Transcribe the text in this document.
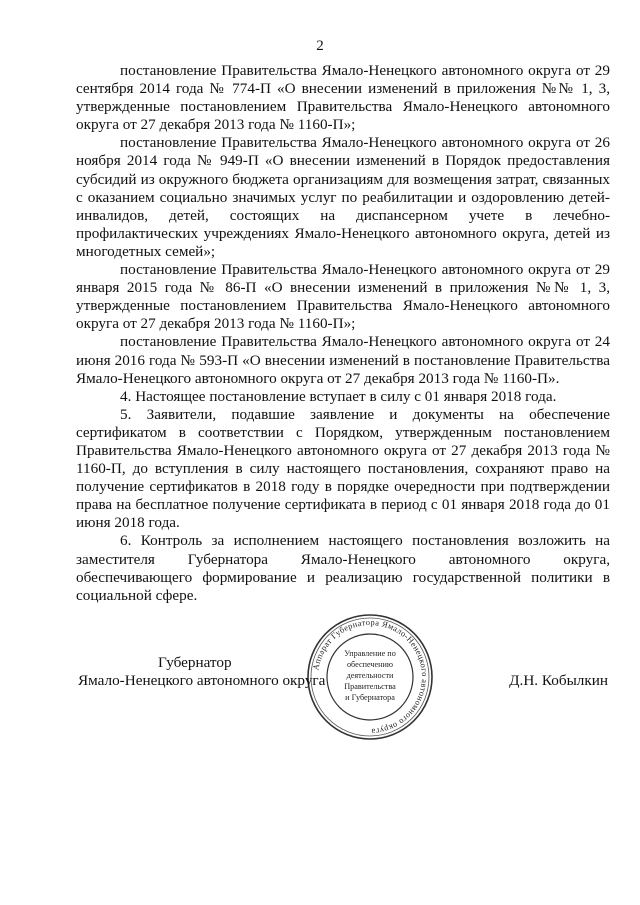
2

постановление Правительства Ямало-Ненецкого автономного округа от 29 сентября 2014 года № 774-П «О внесении изменений в приложения №№ 1, 3, утвержденные постановлением Правительства Ямало-Ненецкого автономного округа от 27 декабря 2013 года № 1160-П»;

постановление Правительства Ямало-Ненецкого автономного округа от 26 ноября 2014 года № 949-П «О внесении изменений в Порядок предоставления субсидий из окружного бюджета организациям для возмещения затрат, связанных с оказанием социально значимых услуг по реабилитации и оздоровлению детей-инвалидов, детей, состоящих на диспансерном учете в лечебно-профилактических учреждениях Ямало-Ненецкого автономного округа, детей из многодетных семей»;

постановление Правительства Ямало-Ненецкого автономного округа от 29 января 2015 года № 86-П «О внесении изменений в приложения №№ 1, 3, утвержденные постановлением Правительства Ямало-Ненецкого автономного округа от 27 декабря 2013 года № 1160-П»;

постановление Правительства Ямало-Ненецкого автономного округа от 24 июня 2016 года № 593-П «О внесении изменений в постановление Правительства Ямало-Ненецкого автономного округа от 27 декабря 2013 года № 1160-П».

4. Настоящее постановление вступает в силу с 01 января 2018 года.

5. Заявители, подавшие заявление и документы на обеспечение сертификатом в соответствии с Порядком, утвержденным постановлением Правительства Ямало-Ненецкого автономного округа от 27 декабря 2013 года № 1160-П, до вступления в силу настоящего постановления, сохраняют право на получение сертификатов в 2018 году в порядке очередности при подтверждении права на бесплатное получение сертификата в период с 01 января 2018 года до 01 июня 2018 года.

6. Контроль за исполнением настоящего постановления возложить на заместителя Губернатора Ямало-Ненецкого автономного округа, обеспечивающего формирование и реализацию государственной политики в социальной сфере.

Аппарат Губернатора Ямало-Ненецкого автономного округа
Управление по
обеспечению
деятельности
Правительства
и Губернатора
Губернатор
Ямало-Ненецкого автономного округа	Д.Н. Кобылкин
